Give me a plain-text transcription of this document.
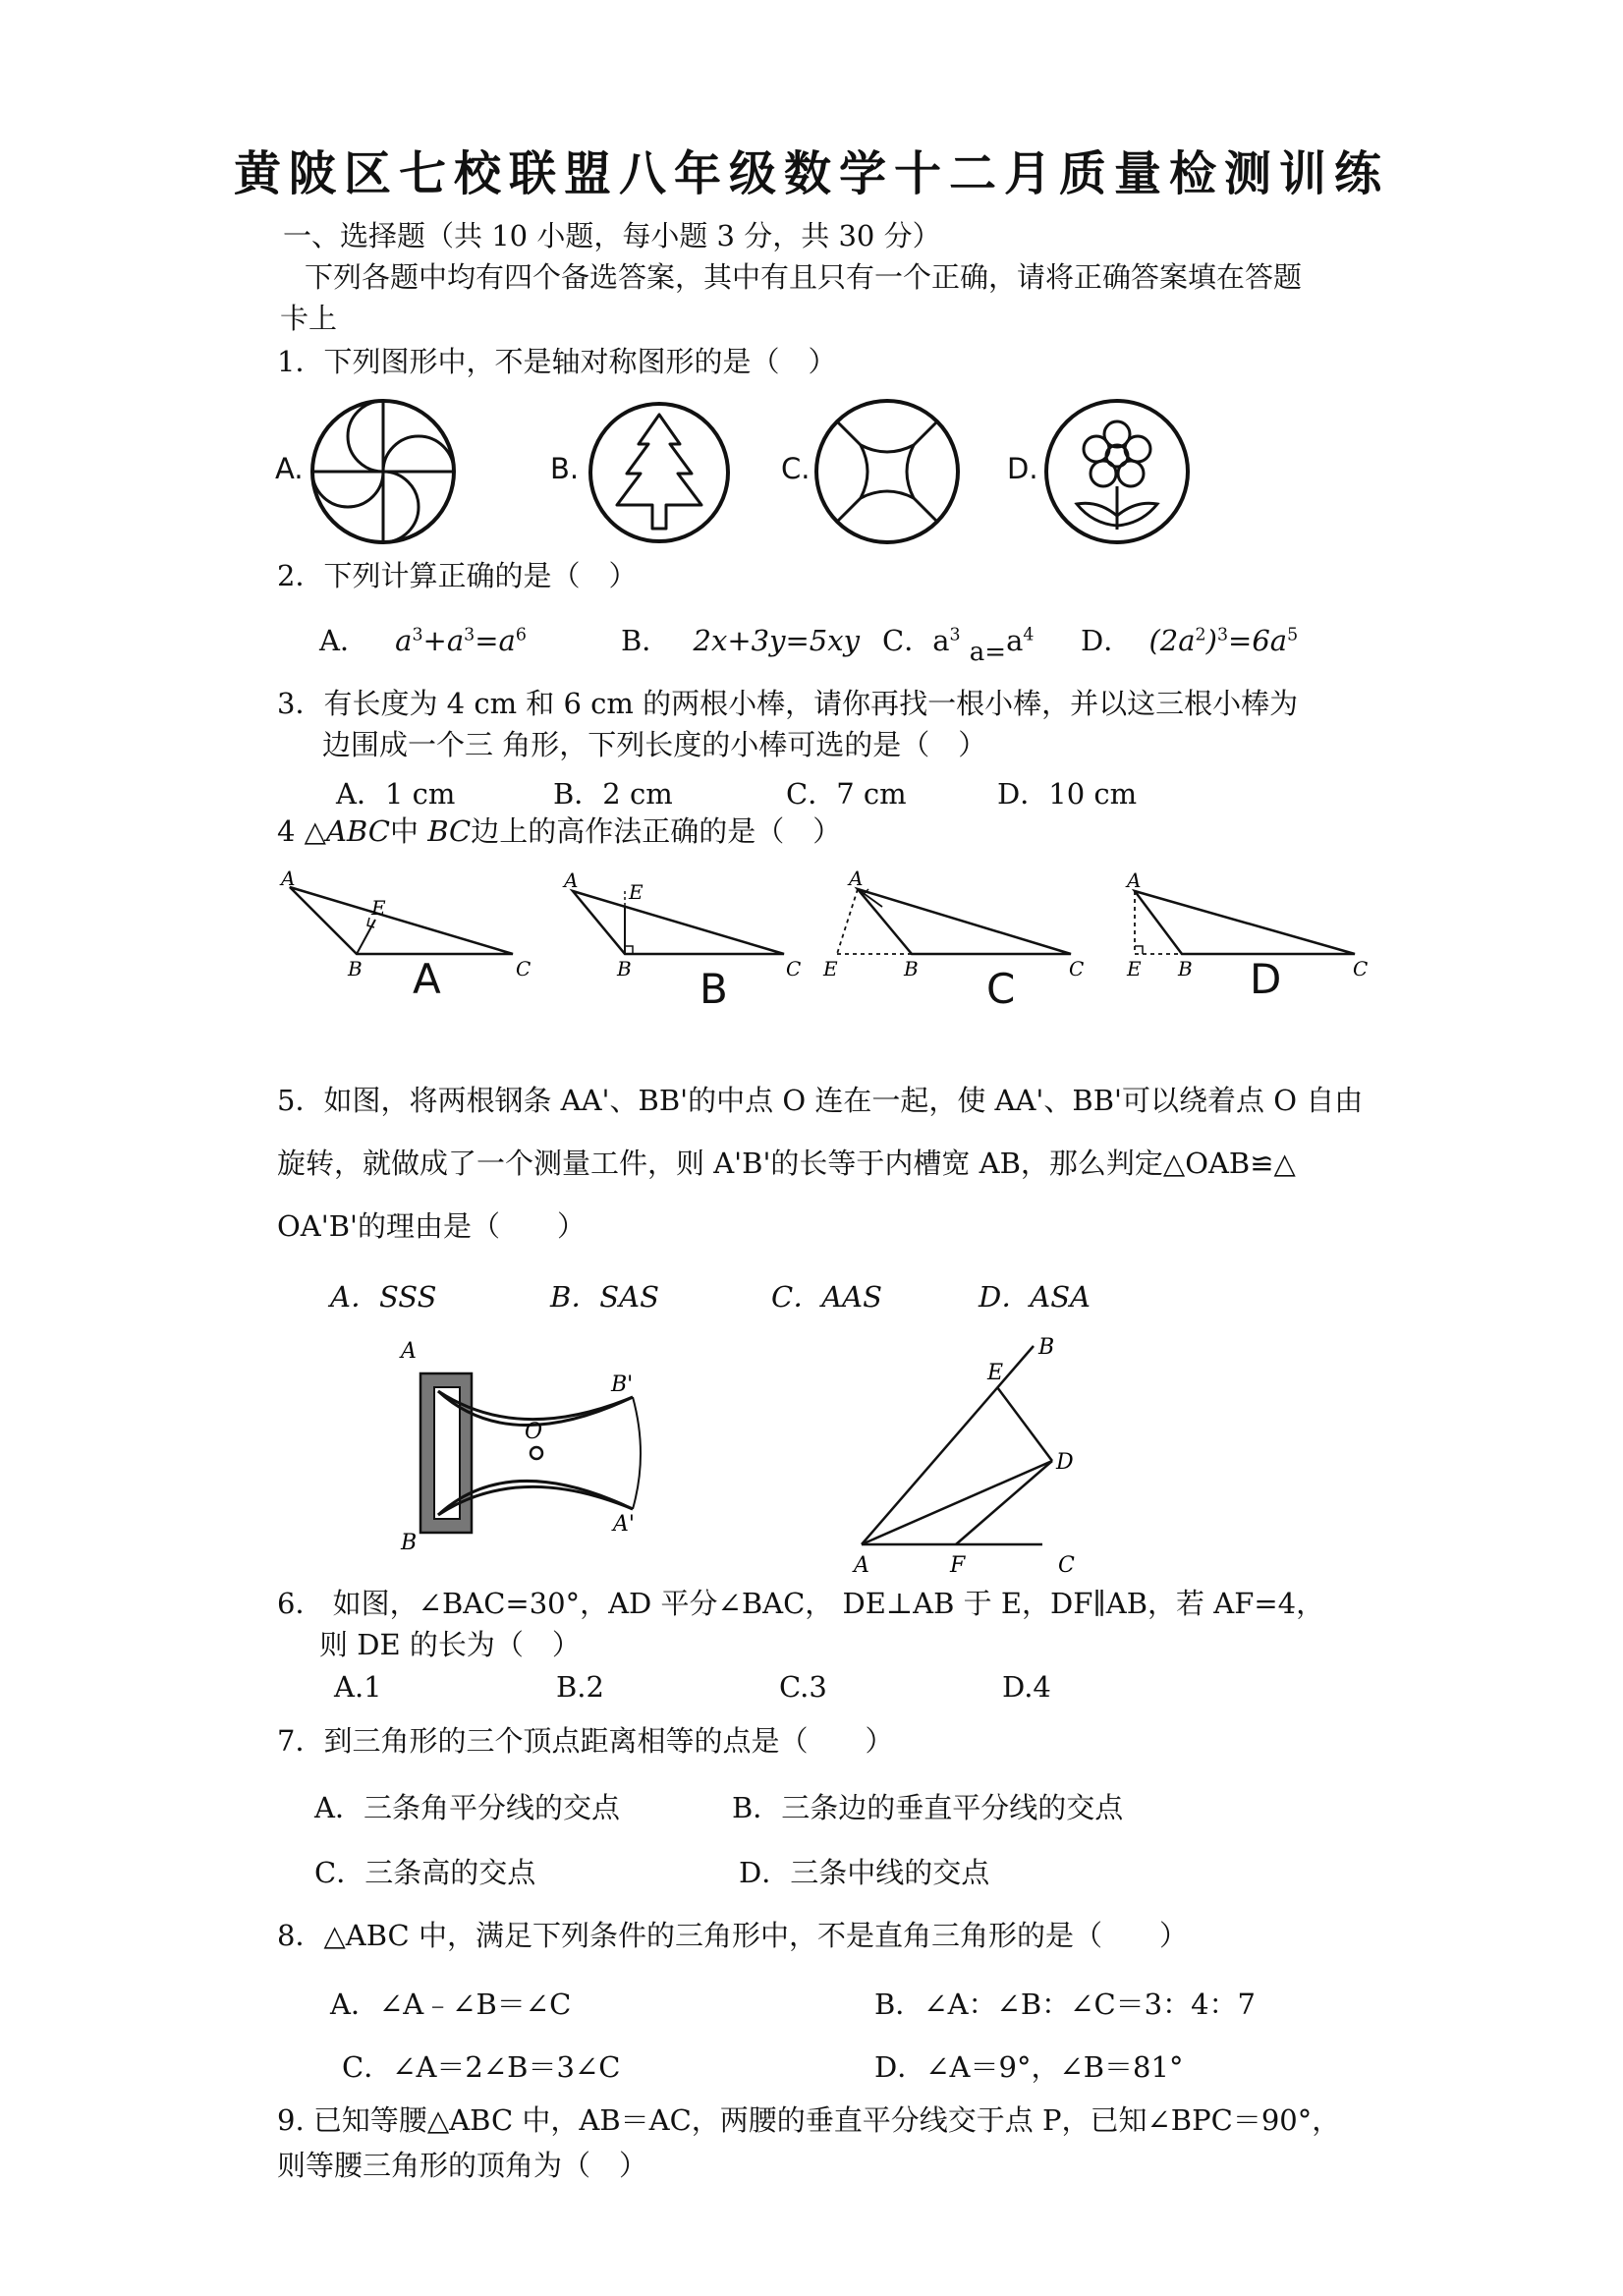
黄陂区七校联盟八年级数学十二月质量检测训练
一、选择题（共 10 小题，每小题 3 分，共 30 分）
下列各题中均有四个备选答案，其中有且只有一个正确，请将正确答案填在答题
卡上
1．下列图形中，不是轴对称图形的是（　）
A.	B.	C.	D.
2．下列计算正确的是（　）
A． $a^3+a^3=a^6$	B． 2x+3y=5xy C．$a^3$ $a=a^4$ D． $(2a^2)^3=6a^5$
3．有长度为 4 cm 和 6 cm 的两根小棒，请你再找一根小棒，并以这三根小棒为
边围成一个三 角形，下列长度的小棒可选的是（　）
A．1 cm	B．2 cm	C．7 cm	D．10 cm
4 △ABC中 BC边上的高作法正确的是（　）
A
E
B	C
A
A	E
B	C
B
A
E	B	C
C
A
E B	C
D
5．如图，将两根钢条 AA'、BB'的中点 O 连在一起，使 AA'、BB'可以绕着点 O 自由
旋转，就做成了一个测量工件，则 A'B'的长等于内槽宽 AB，那么判定△OAB≌△
OA'B'的理由是（　　）
A．SSS	B．SAS	C．AAS	D．ASA
A
B
B'
A'
O
B
E
D
A	F	C
6． 如图，∠BAC=30°，AD 平分∠BAC， DE⊥AB 于 E，DF∥AB，若 AF=4，
则 DE 的长为（　）
A.1	B.2	C.3	D.4
7．到三角形的三个顶点距离相等的点是（　　）
A．三条角平分线的交点	B．三条边的垂直平分线的交点
C．三条高的交点	D．三条中线的交点
8．△ABC 中，满足下列条件的三角形中，不是直角三角形的是（　　）
A．∠A﹣∠B＝∠C	B．∠A：∠B：∠C＝3：4：7
C．∠A＝2∠B＝3∠C	D．∠A＝9°，∠B＝81°
9. 已知等腰△ABC 中，AB＝AC，两腰的垂直平分线交于点 P，已知∠BPC＝90°，
则等腰三角形的顶角为（　）
